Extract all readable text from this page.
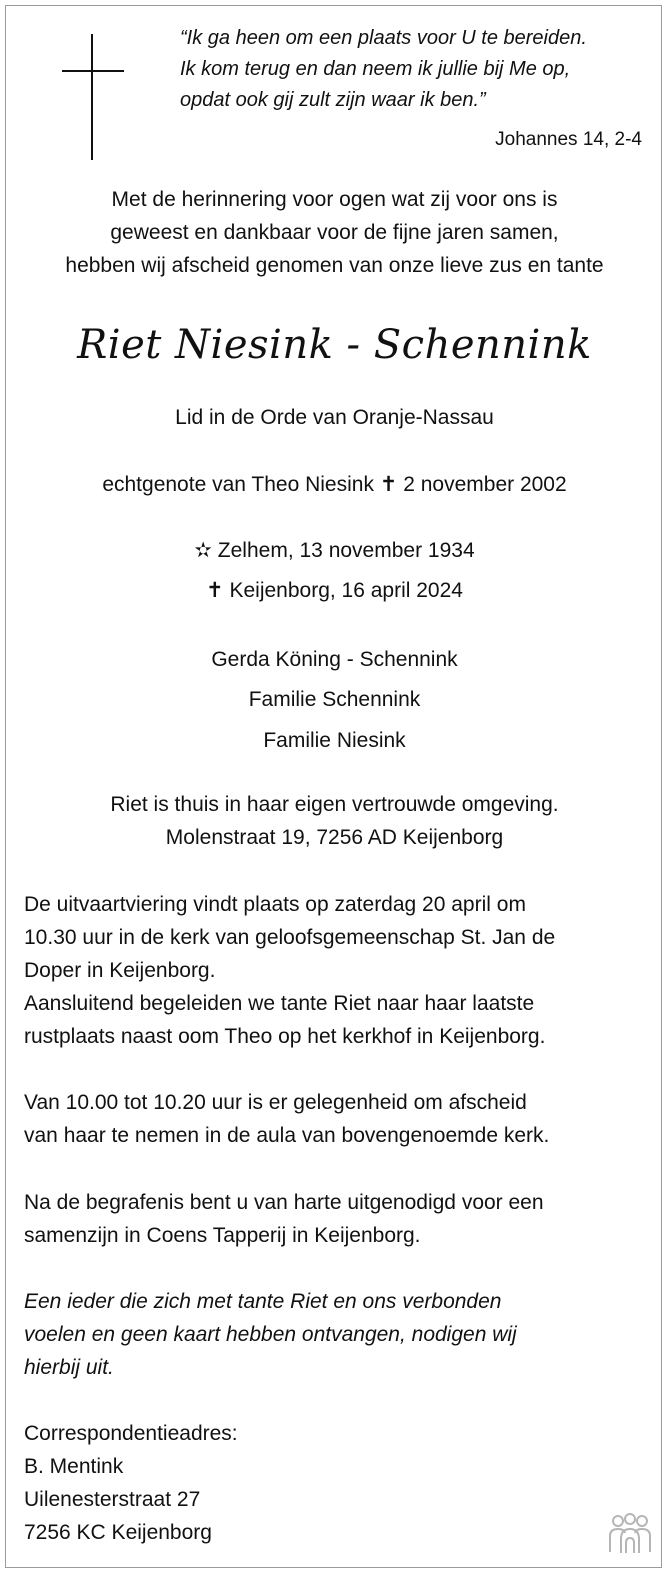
“Ik ga heen om een plaats voor U te bereiden.
Ik kom terug en dan neem ik jullie bij Me op,
opdat ook gij zult zijn waar ik ben.”
Johannes 14, 2-4
Met de herinnering voor ogen wat zij voor ons is
geweest en dankbaar voor de fijne jaren samen,
hebben wij afscheid genomen van onze lieve zus en tante
Riet Niesink - Schennink
Lid in de Orde van Oranje-Nassau
echtgenote van Theo Niesink ✝ 2 november 2002
✫ Zelhem, 13 november 1934
✝ Keijenborg, 16 april 2024
Gerda Köning - Schennink
Familie Schennink
Familie Niesink
Riet is thuis in haar eigen vertrouwde omgeving.
Molenstraat 19, 7256 AD Keijenborg
De uitvaartviering vindt plaats op zaterdag 20 april om
10.30 uur in de kerk van geloofsgemeenschap St. Jan de
Doper in Keijenborg.
Aansluitend begeleiden we tante Riet naar haar laatste
rustplaats naast oom Theo op het kerkhof in Keijenborg.
Van 10.00 tot 10.20 uur is er gelegenheid om afscheid
van haar te nemen in de aula van bovengenoemde kerk.
Na de begrafenis bent u van harte uitgenodigd voor een
samenzijn in Coens Tapperij in Keijenborg.
Een ieder die zich met tante Riet en ons verbonden
voelen en geen kaart hebben ontvangen, nodigen wij
hierbij uit.
Correspondentieadres:
B. Mentink
Uilenesterstraat 27
7256 KC Keijenborg
